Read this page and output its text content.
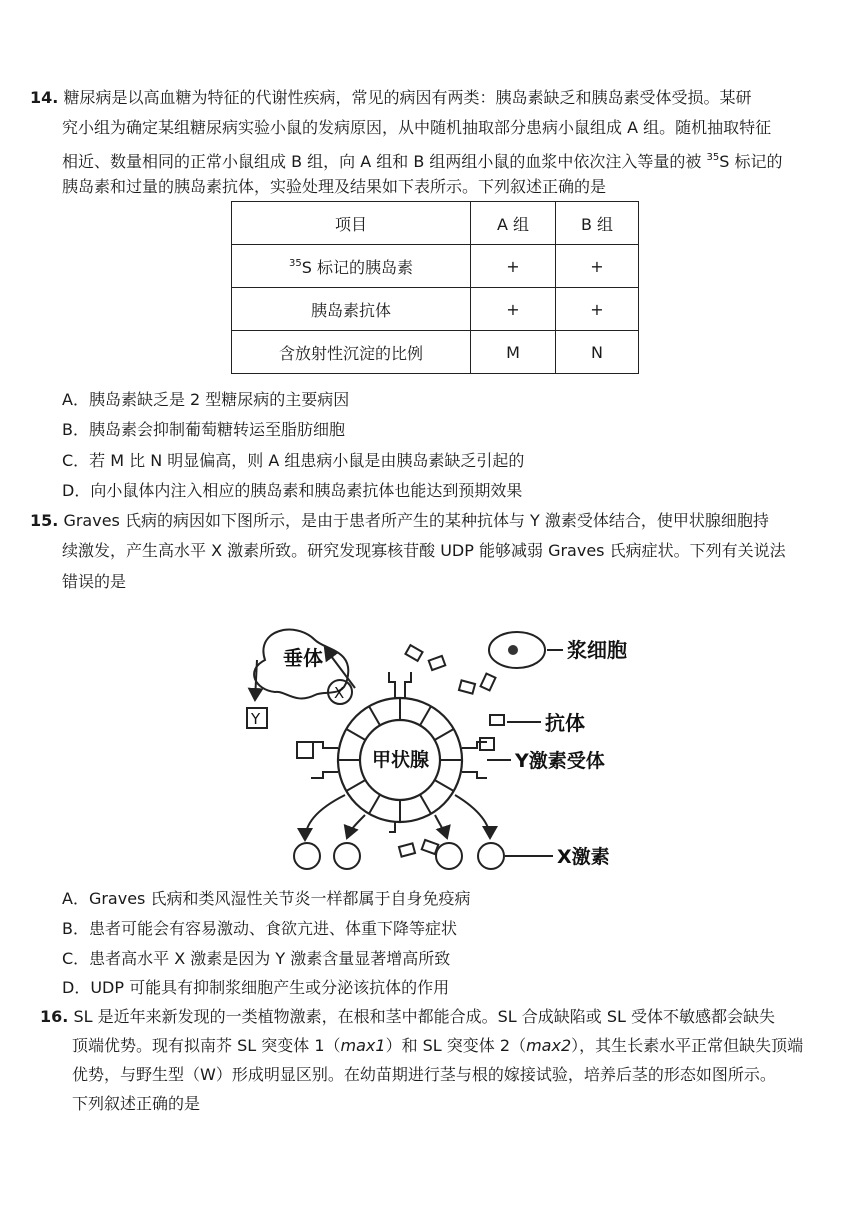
14. 糖尿病是以高血糖为特征的代谢性疾病，常见的病因有两类：胰岛素缺乏和胰岛素受体受损。某研
究小组为确定某组糖尿病实验小鼠的发病原因，从中随机抽取部分患病小鼠组成 A 组。随机抽取特征
相近、数量相同的正常小鼠组成 B 组，向 A 组和 B 组两组小鼠的血浆中依次注入等量的被 $^{35}$S 标记的
胰岛素和过量的胰岛素抗体，实验处理及结果如下表所示。下列叙述正确的是
项目	A 组	B 组
$^{35}$S 标记的胰岛素	+	+
胰岛素抗体	+	+
含放射性沉淀的比例	M	N
A．胰岛素缺乏是 2 型糖尿病的主要病因
B．胰岛素会抑制葡萄糖转运至脂肪细胞
C．若 M 比 N 明显偏高，则 A 组患病小鼠是由胰岛素缺乏引起的
D．向小鼠体内注入相应的胰岛素和胰岛素抗体也能达到预期效果
15. Graves 氏病的病因如下图所示，是由于患者所产生的某种抗体与 Y 激素受体结合，使甲状腺细胞持
续激发，产生高水平 X 激素所致。研究发现寡核苷酸 UDP 能够减弱 Graves 氏病症状。下列有关说法
错误的是
垂体
Y
X
甲状腺
浆细胞
抗体
Y激素受体
X激素
A．Graves 氏病和类风湿性关节炎一样都属于自身免疫病
B．患者可能会有容易激动、食欲亢进、体重下降等症状
C．患者高水平 X 激素是因为 Y 激素含量显著增高所致
D．UDP 可能具有抑制浆细胞产生或分泌该抗体的作用
16. SL 是近年来新发现的一类植物激素，在根和茎中都能合成。SL 合成缺陷或 SL 受体不敏感都会缺失
顶端优势。现有拟南芥 SL 突变体 1（max1）和 SL 突变体 2（max2），其生长素水平正常但缺失顶端
优势，与野生型（W）形成明显区别。在幼苗期进行茎与根的嫁接试验，培养后茎的形态如图所示。
下列叙述正确的是
